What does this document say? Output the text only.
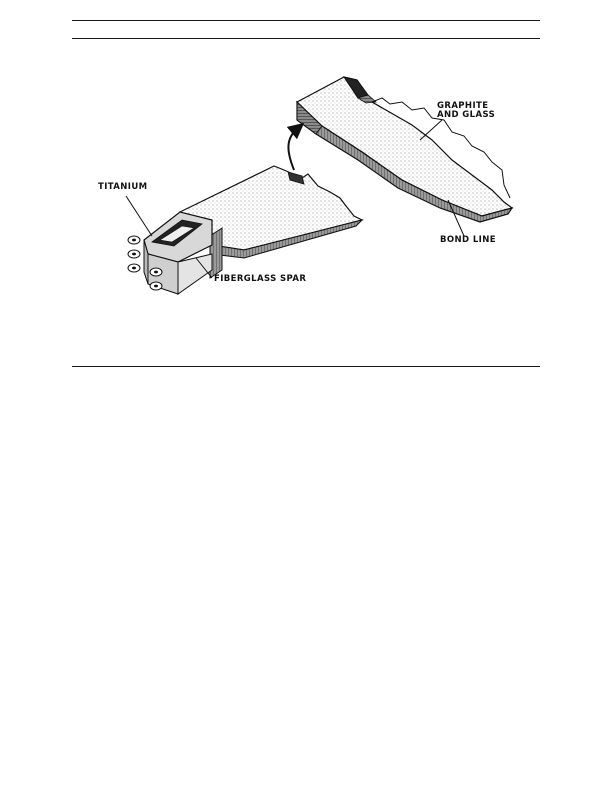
TITANIUM
FIBERGLASS SPAR
GRAPHITE
AND GLASS
BOND LINE
